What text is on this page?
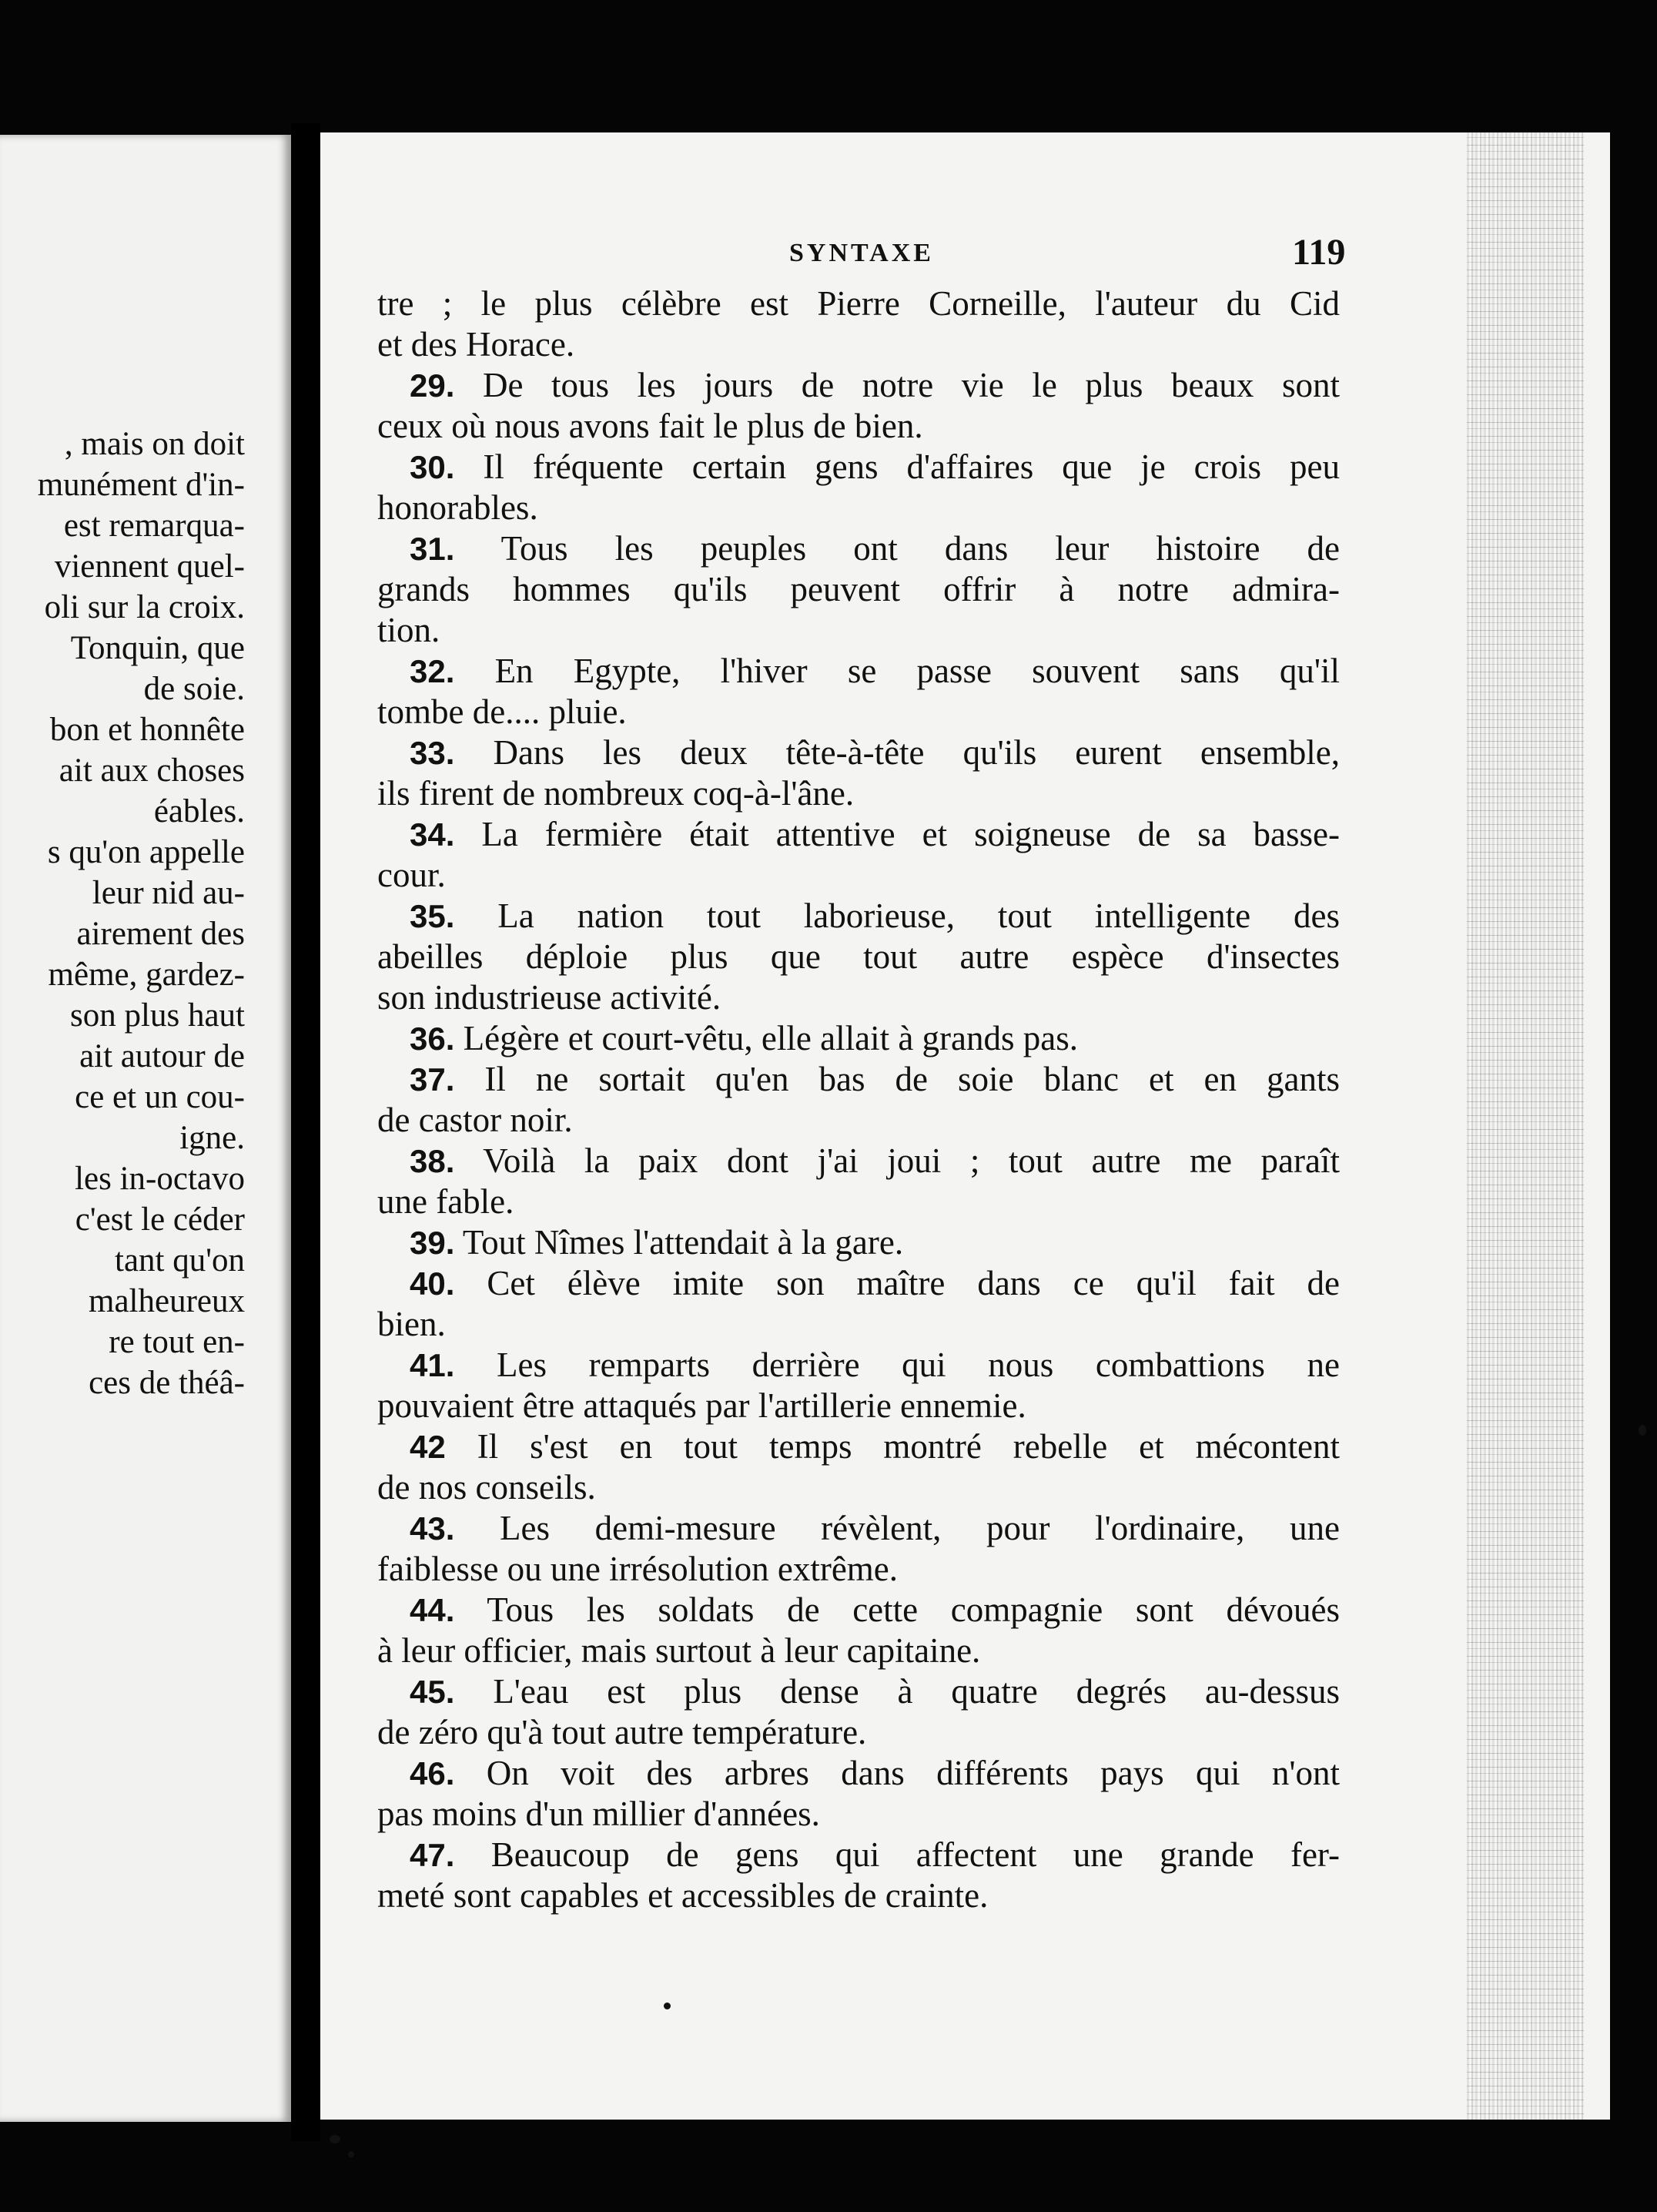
, mais on doit
munément d'in-
est remarqua-
viennent quel-
oli sur la croix.
Tonquin, que
de soie.
bon et honnête
ait aux choses
éables.
s qu'on appelle
leur nid au-
airement des
même, gardez-
son plus haut
ait autour de
ce et un cou-
igne.
les in-octavo
c'est le céder
tant qu'on
malheureux
re tout en-
ces de théâ-
SYNTAXE	119
tre ; le plus célèbre est Pierre Corneille, l'auteur du Cid
et des Horace.
29. De tous les jours de notre vie le plus beaux sont
ceux où nous avons fait le plus de bien.
30. Il fréquente certain gens d'affaires que je crois peu
honorables.
31. Tous les peuples ont dans leur histoire de
grands hommes qu'ils peuvent offrir à notre admira-
tion.
32. En Egypte, l'hiver se passe souvent sans qu'il
tombe de.... pluie.
33. Dans les deux tête-à-tête qu'ils eurent ensemble,
ils firent de nombreux coq-à-l'âne.
34. La fermière était attentive et soigneuse de sa basse-
cour.
35. La nation tout laborieuse, tout intelligente des
abeilles déploie plus que tout autre espèce d'insectes
son industrieuse activité.
36. Légère et court-vêtu, elle allait à grands pas.
37. Il ne sortait qu'en bas de soie blanc et en gants
de castor noir.
38. Voilà la paix dont j'ai joui ; tout autre me paraît
une fable.
39. Tout Nîmes l'attendait à la gare.
40. Cet élève imite son maître dans ce qu'il fait de
bien.
41. Les remparts derrière qui nous combattions ne
pouvaient être attaqués par l'artillerie ennemie.
42 Il s'est en tout temps montré rebelle et mécontent
de nos conseils.
43. Les demi-mesure révèlent, pour l'ordinaire, une
faiblesse ou une irrésolution extrême.
44. Tous les soldats de cette compagnie sont dévoués
à leur officier, mais surtout à leur capitaine.
45. L'eau est plus dense à quatre degrés au-dessus
de zéro qu'à tout autre température.
46. On voit des arbres dans différents pays qui n'ont
pas moins d'un millier d'années.
47. Beaucoup de gens qui affectent une grande fer-
meté sont capables et accessibles de crainte.
